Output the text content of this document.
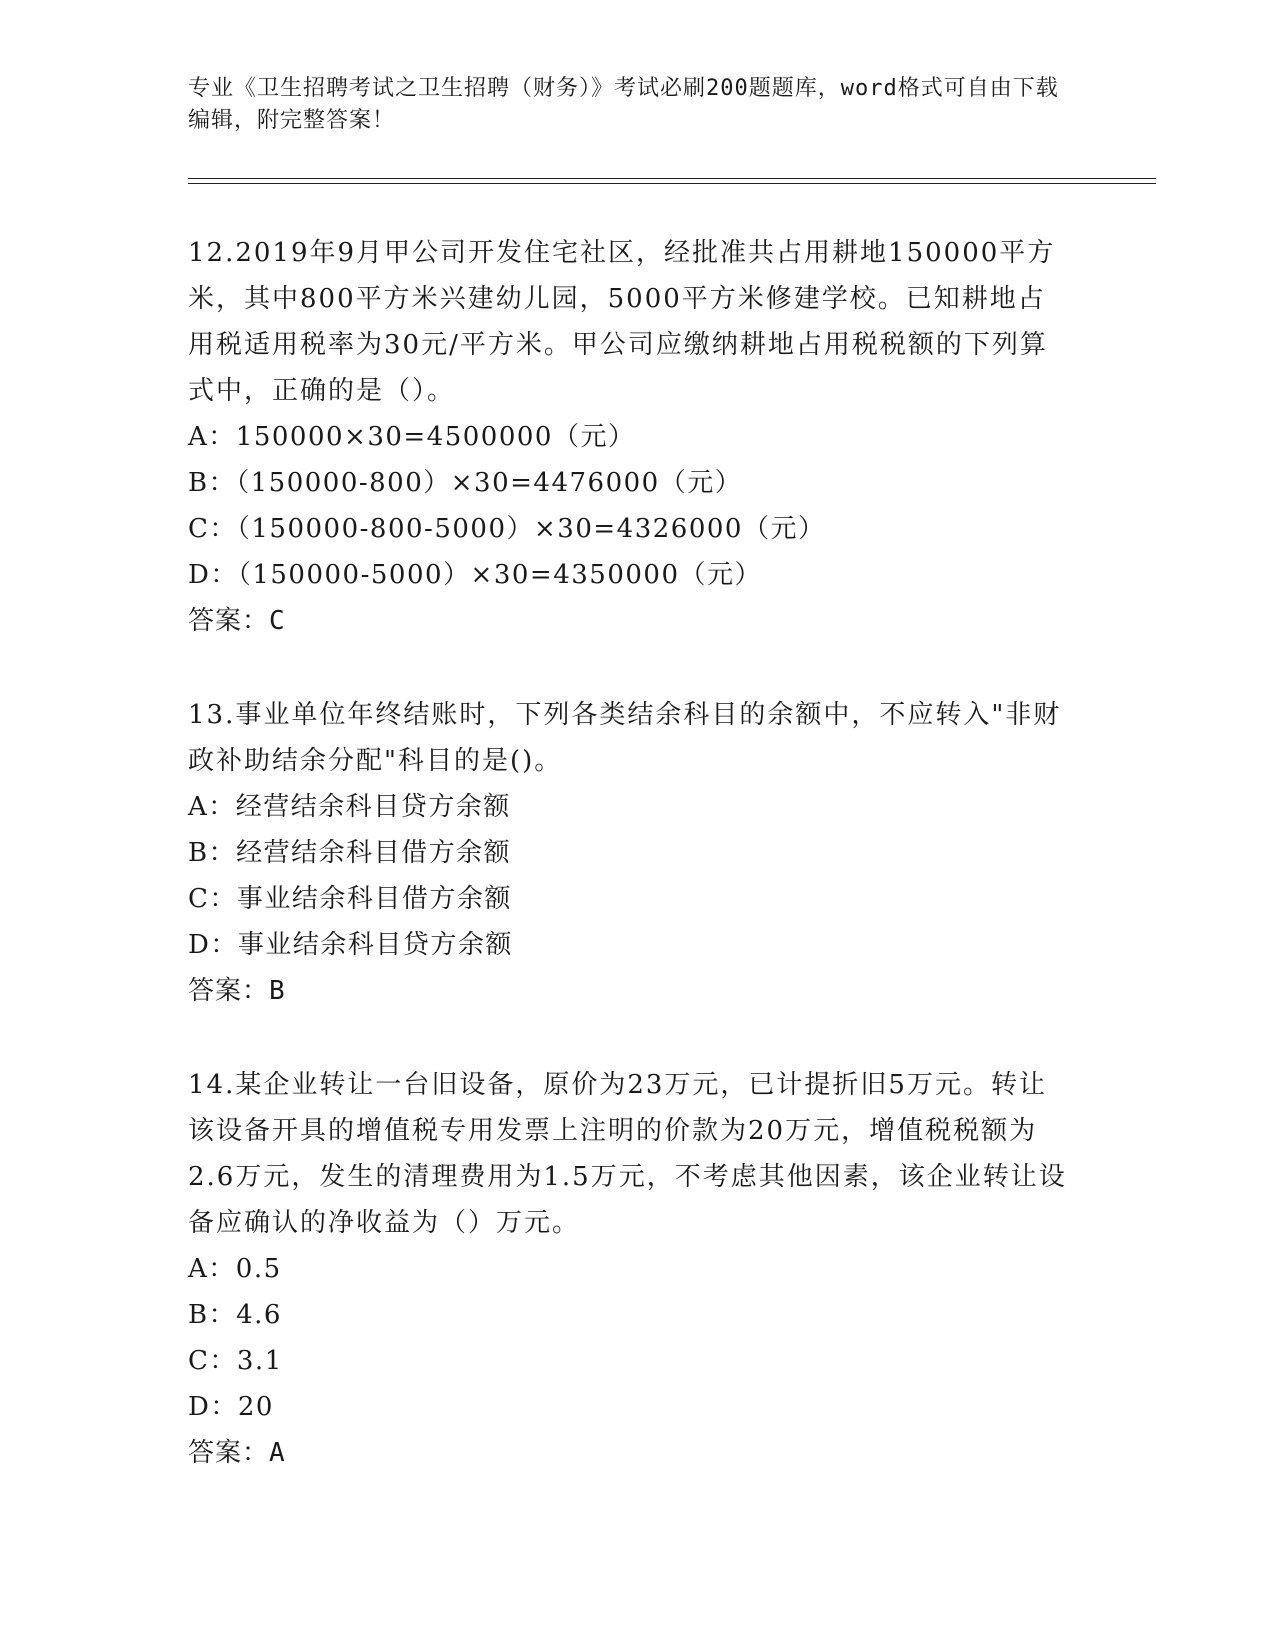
专业《卫生招聘考试之卫生招聘（财务）》考试必刷200题题库，word格式可自由下载编辑，附完整答案！

12.2019年9月甲公司开发住宅社区，经批准共占用耕地150000平方米，其中800平方米兴建幼儿园，5000平方米修建学校。已知耕地占用税适用税率为30元/平方米。甲公司应缴纳耕地占用税税额的下列算式中，正确的是（）。

A：150000×30=4500000（元）
B：（150000-800）×30=4476000（元）
C：（150000-800-5000）×30=4326000（元）
D：（150000-5000）×30=4350000（元）
答案：C

13.事业单位年终结账时，下列各类结余科目的余额中，不应转入"非财政补助结余分配"科目的是()。

A：经营结余科目贷方余额
B：经营结余科目借方余额
C：事业结余科目借方余额
D：事业结余科目贷方余额
答案：B

14.某企业转让一台旧设备，原价为23万元，已计提折旧5万元。转让该设备开具的增值税专用发票上注明的价款为20万元，增值税税额为2.6万元，发生的清理费用为1.5万元，不考虑其他因素，该企业转让设备应确认的净收益为（）万元。

A：0.5
B：4.6
C：3.1
D：20
答案：A
